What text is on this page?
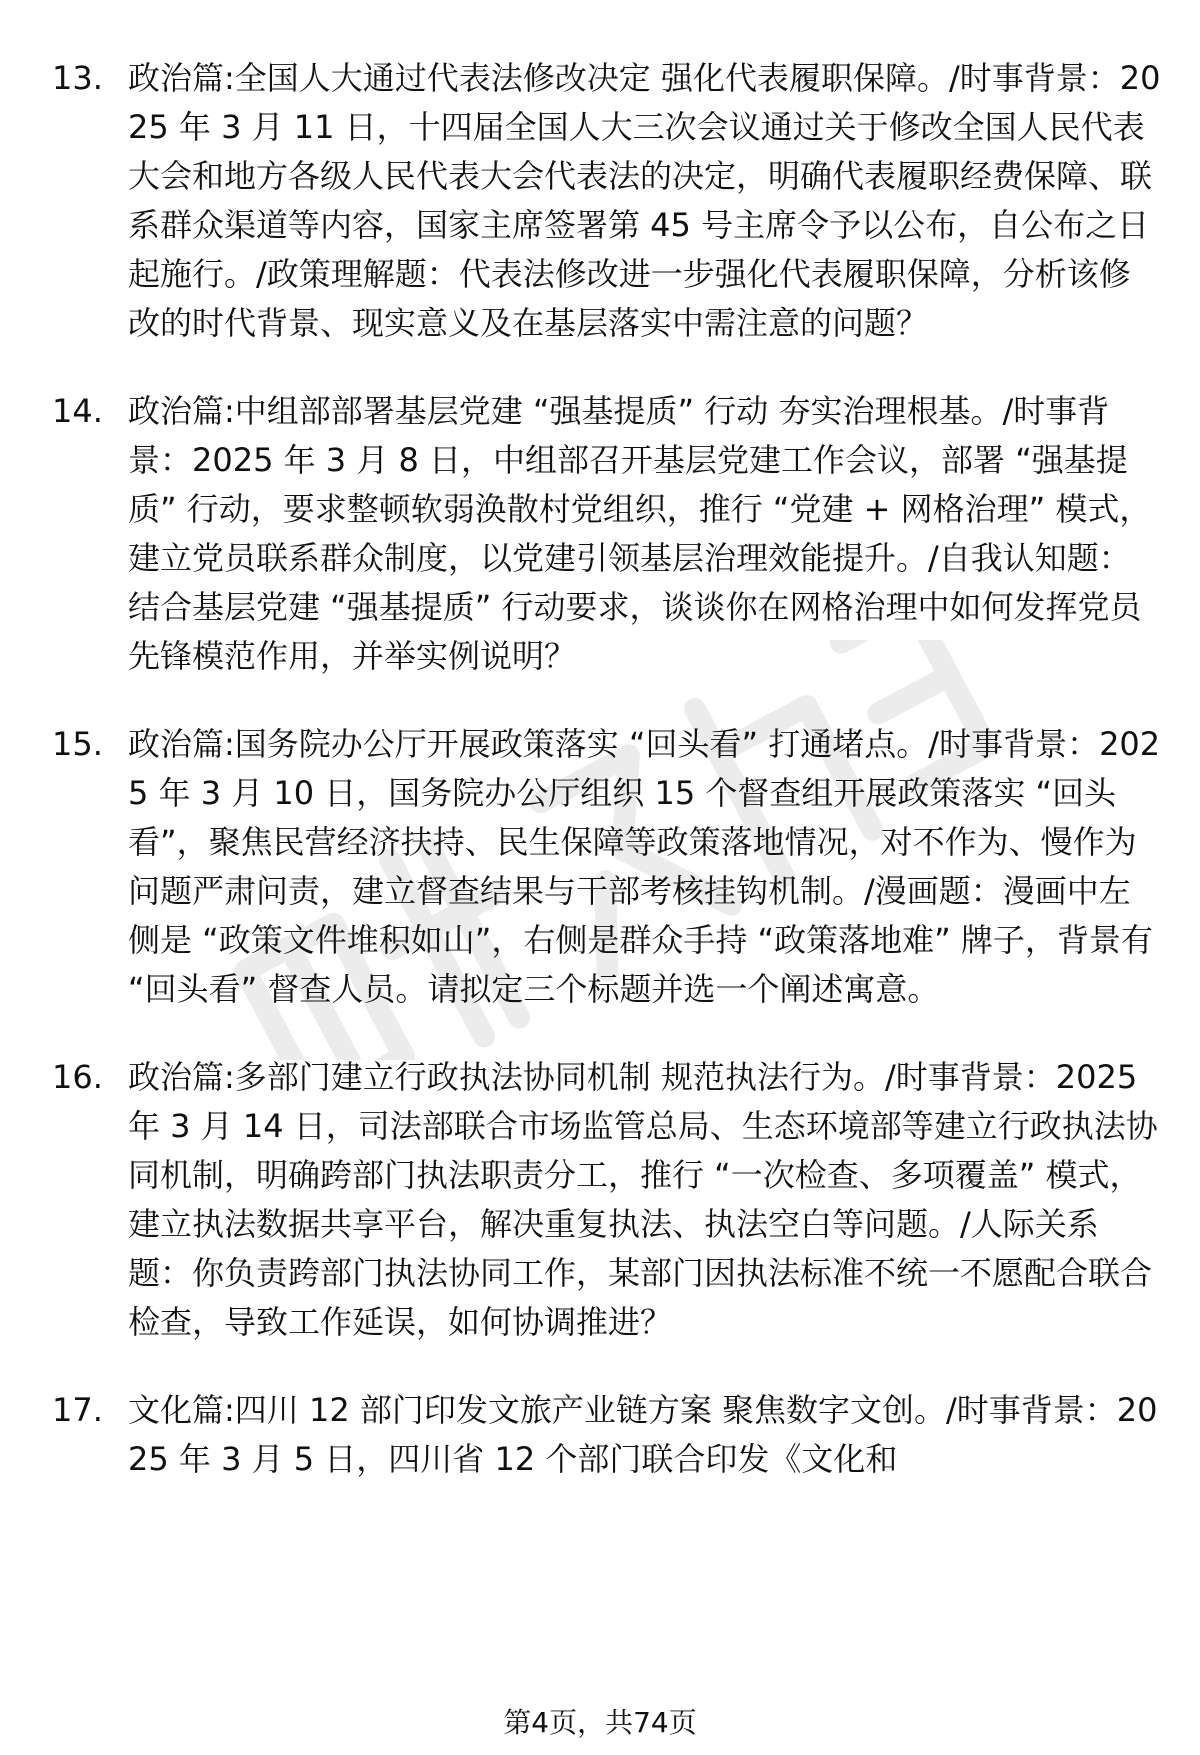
13. 政治篇:全国人大通过代表法修改决定 强化代表履职保障。/时事背景：2025 年 3 月 11 日，十四届全国人大三次会议通过关于修改全国人民代表大会和地方各级人民代表大会代表法的决定，明确代表履职经费保障、联系群众渠道等内容，国家主席签署第 45 号主席令予以公布，自公布之日起施行。/政策理解题：代表法修改进一步强化代表履职保障，分析该修改的时代背景、现实意义及在基层落实中需注意的问题？
14. 政治篇:中组部部署基层党建 “强基提质” 行动 夯实治理根基。/时事背景：2025 年 3 月 8 日，中组部召开基层党建工作会议，部署 “强基提质” 行动，要求整顿软弱涣散村党组织，推行 “党建 + 网格治理” 模式，建立党员联系群众制度，以党建引领基层治理效能提升。/自我认知题：结合基层党建 “强基提质” 行动要求，谈谈你在网格治理中如何发挥党员先锋模范作用，并举实例说明？
15. 政治篇:国务院办公厅开展政策落实 “回头看” 打通堵点。/时事背景：2025 年 3 月 10 日，国务院办公厅组织 15 个督查组开展政策落实 “回头看”，聚焦民营经济扶持、民生保障等政策落地情况，对不作为、慢作为问题严肃问责，建立督查结果与干部考核挂钩机制。/漫画题：漫画中左侧是 “政策文件堆积如山”，右侧是群众手持 “政策落地难” 牌子，背景有 “回头看” 督查人员。请拟定三个标题并选一个阐述寓意。
16. 政治篇:多部门建立行政执法协同机制 规范执法行为。/时事背景：2025 年 3 月 14 日，司法部联合市场监管总局、生态环境部等建立行政执法协同机制，明确跨部门执法职责分工，推行 “一次检查、多项覆盖” 模式，建立执法数据共享平台，解决重复执法、执法空白等问题。/人际关系题：你负责跨部门执法协同工作，某部门因执法标准不统一不愿配合联合检查，导致工作延误，如何协调推进？
17. 文化篇:四川 12 部门印发文旅产业链方案 聚焦数字文创。/时事背景：2025 年 3 月 5 日，四川省 12 个部门联合印发《文化和
第4页，共74页
